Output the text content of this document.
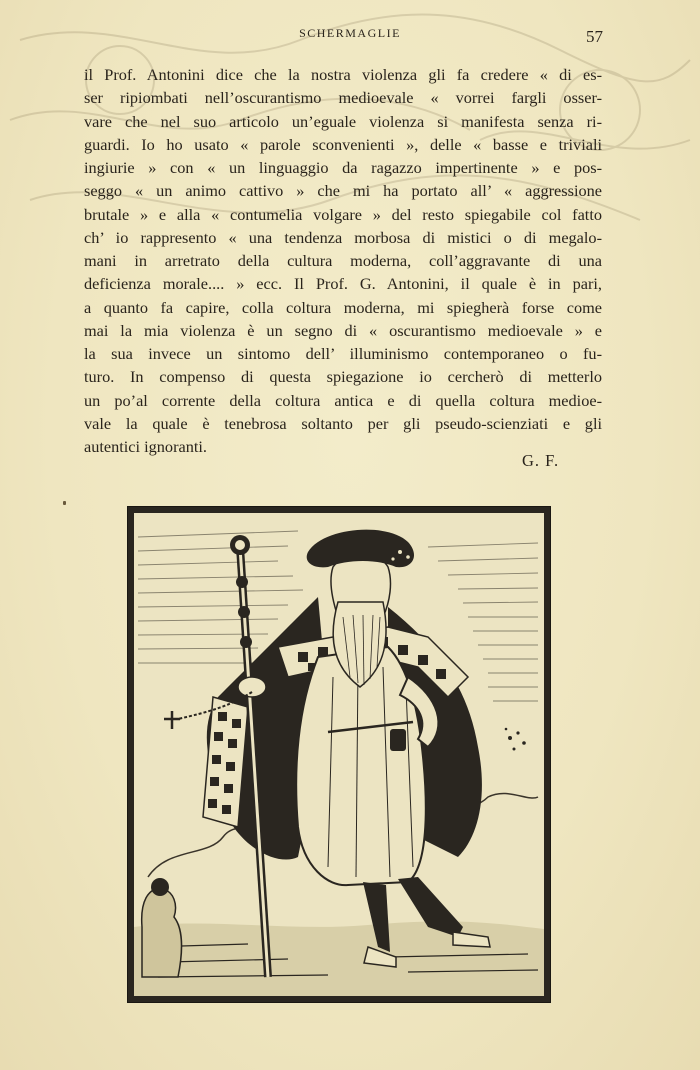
SCHERMAGLIE	57
il Prof. Antonini dice che la nostra violenza gli fa credere « di es-
ser ripiombati nell’oscurantismo medioevale « vorrei fargli osser-
vare che nel suo articolo un’eguale violenza si manifesta senza ri-
guardi. Io ho usato « parole sconvenienti », delle « basse e triviali
ingiurie » con « un linguaggio da ragazzo impertinente » e pos-
seggo « un animo cattivo » che mi ha portato all’ « aggressione
brutale » e alla « contumelia volgare » del resto spiegabile col fatto
ch’ io rappresento « una tendenza morbosa di mistici o di megalo-
mani in arretrato della cultura moderna, coll’aggravante di una
deficienza morale.... » ecc. Il Prof. G. Antonini, il quale è in pari,
a quanto fa capire, colla coltura moderna, mi spiegherà forse come
mai la mia violenza è un segno di « oscurantismo medioevale » e
la sua invece un sintomo dell’ illuminismo contemporaneo o fu-
turo. In compenso di questa spiegazione io cercherò di metterlo
un po’al corrente della coltura antica e di quella coltura medioe-
vale la quale è tenebrosa soltanto per gli pseudo-scienziati e gli
autentici ignoranti.
G. F.
